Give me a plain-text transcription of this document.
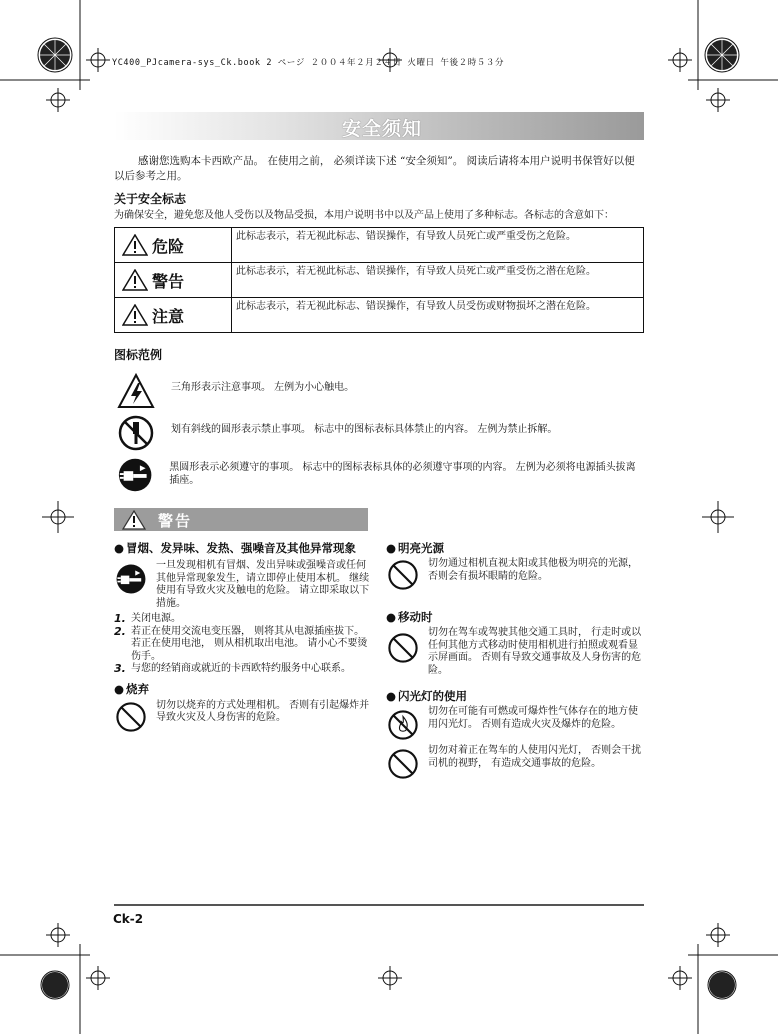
YC400_PJcamera-sys_Ck.book 2 ページ ２００４年２月２４日 火曜日 午後２時５３分
安全须知
感谢您选购本卡西欧产品。 在使用之前， 必须详读下述 “安全须知”。 阅读后请将本用户说明书保管好以便以后参考之用。
关于安全标志
为确保安全，避免您及他人受伤以及物品受损，本用户说明书中以及产品上使用了多种标志。各标志的含意如下：
危险	此标志表示，若无视此标志、错误操作，有导致人员死亡或严重受伤之危险。

警告	此标志表示，若无视此标志、错误操作，有导致人员死亡或严重受伤之潜在危险。

注意	此标志表示，若无视此标志、错误操作，有导致人员受伤或财物损坏之潜在危险。
图标范例
三角形表示注意事项。 左例为小心触电。
划有斜线的圆形表示禁止事项。 标志中的图标表标具体禁止的内容。 左例为禁止拆解。
黑圆形表示必须遵守的事项。 标志中的图标表标具体的必须遵守事项的内容。 左例为必须将电源插头拔离插座。
警告
● 冒烟、发异味、发热、强噪音及其他异常现象
一旦发现相机有冒烟、发出异味或强噪音或任何其他异常现象发生，请立即停止使用本机。 继续使用有导致火灾及触电的危险。 请立即采取以下措施。
1. 关闭电源。
2. 若正在使用交流电变压器， 则将其从电源插座拔下。 若正在使用电池， 则从相机取出电池。 请小心不要烫伤手。
3. 与您的经销商或就近的卡西欧特约服务中心联系。
● 烧弃
切勿以烧弃的方式处理相机。 否则有引起爆炸并导致火灾及人身伤害的危险。
● 明亮光源
切勿通过相机直视太阳或其他极为明亮的光源， 否则会有损坏眼睛的危险。
● 移动时
切勿在驾车或驾驶其他交通工具时， 行走时或以任何其他方式移动时使用相机进行拍照或观看显示屏画面。 否则有导致交通事故及人身伤害的危险。
● 闪光灯的使用
切勿在可能有可燃或可爆炸性气体存在的地方使用闪光灯。 否则有造成火灾及爆炸的危险。
切勿对着正在驾车的人使用闪光灯， 否则会干扰司机的视野， 有造成交通事故的危险。
Ck-2
